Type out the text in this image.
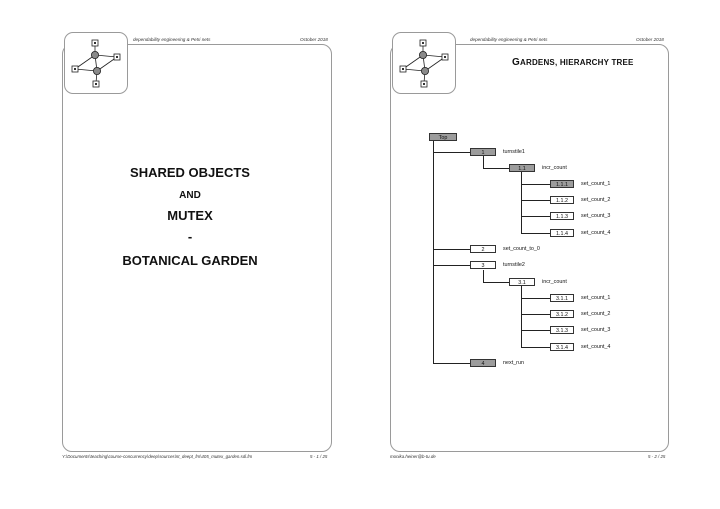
dependability engineering & Petri nets	October 2018
SHARED OBJECTS
AND
MUTEX
-
BOTANICAL GARDEN
Y:\Documents\teaching\course-concurrency\deep\sources\nt_deept_fm\405_mutex_garden.sdi.fm	5 - 1 / 25
dependability engineering & Petri nets	October 2018
GARDENS, HIERARCHY TREE
Top
1	turnstile1
1.1	incr_count
1.1.1	set_count_1
1.1.2	set_count_2
1.1.3	set_count_3
1.1.4	set_count_4
2	set_count_to_0
3	turnstile2
3.1	incr_count
3.1.1	set_count_1
3.1.2	set_count_2
3.1.3	set_count_3
3.1.4	set_count_4
4	next_run
monika.heiner@b-tu.de	5 - 2 / 25
